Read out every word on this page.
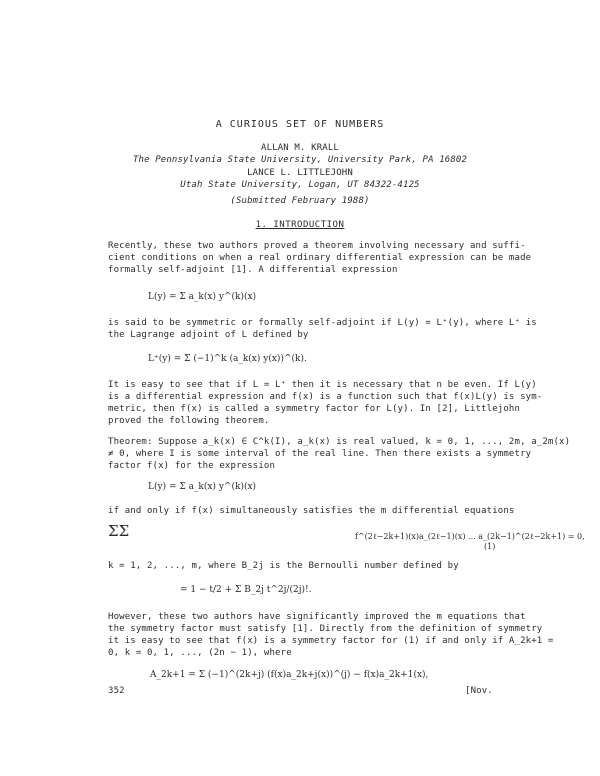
A CURIOUS SET OF NUMBERS
ALLAN M. KRALL
The Pennsylvania State University, University Park, PA 16802
LANCE L. LITTLEJOHN
Utah State University, Logan, UT 84322-4125
(Submitted February 1988)
1. INTRODUCTION
Recently, these two authors proved a theorem involving necessary and suffi-
cient conditions on when a real ordinary differential expression can be made
formally self-adjoint [1]. A differential expression
L(y) = Σ a_k(x) y^(k)(x)
is said to be symmetric or formally self-adjoint if L(y) = L⁺(y), where L⁺ is
the Lagrange adjoint of L defined by
L⁺(y) = Σ (−1)^k (a_k(x) y(x))^(k).
It is easy to see that if L = L⁺ then it is necessary that n be even. If L(y)
is a differential expression and f(x) is a function such that f(x)L(y) is sym-
metric, then f(x) is called a symmetry factor for L(y). In [2], Littlejohn
proved the following theorem.
Theorem: Suppose a_k(x) ∈ C^k(I), a_k(x) is real valued, k = 0, 1, ..., 2m, a_2m(x)
≠ 0, where I is some interval of the real line. Then there exists a symmetry
factor f(x) for the expression
L(y) = Σ a_k(x) y^(k)(x)
if and only if f(x) simultaneously satisfies the m differential equations
ΣΣ	f^(2ℓ−2k+1)(x)a_(2ℓ−1)(x) ... a_(2k−1)^(2ℓ−2k+1) = 0,
(1)
k = 1, 2, ..., m, where B_2j is the Bernoulli number defined by
= 1 − t/2 + Σ B_2j t^2j/(2j)!.
However, these two authors have significantly improved the m equations that
the symmetry factor must satisfy [1]. Directly from the definition of symmetry
it is easy to see that f(x) is a symmetry factor for (1) if and only if A_2k+1 =
0, k = 0, 1, ..., (2n − 1), where
A_2k+1 = Σ (−1)^(2k+j) (f(x)a_2k+j(x))^(j) − f(x)a_2k+1(x),
352	[Nov.
